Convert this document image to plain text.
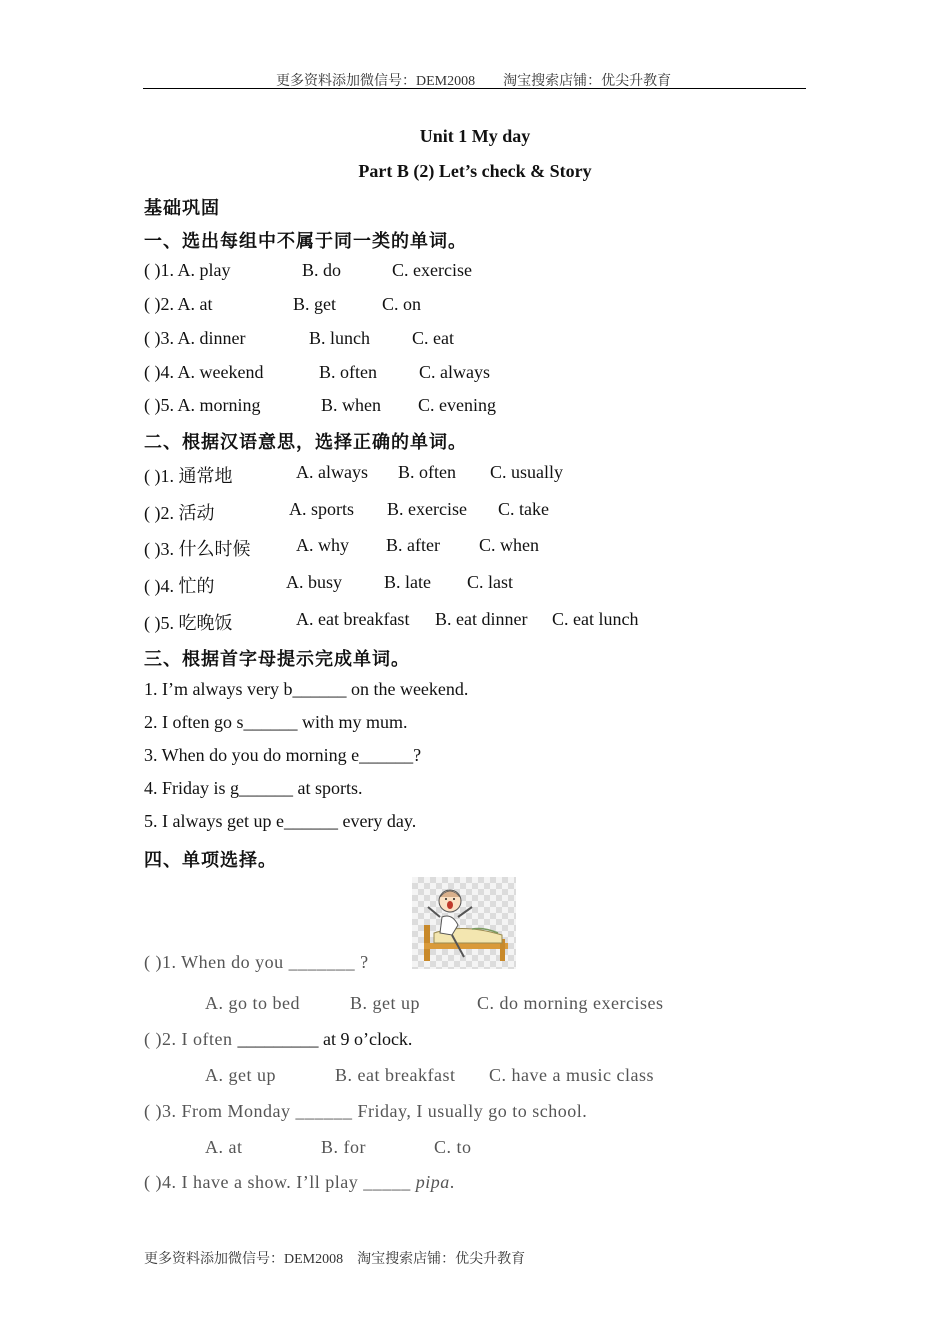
更多资料添加微信号：DEM2008　　淘宝搜索店铺：优尖升教育
Unit 1 My day
Part B (2) Let’s check & Story
基础巩固
一、选出每组中不属于同一类的单词。
( )1. A. play	B. do	C. exercise
( )2. A. at	B. get	C. on
( )3. A. dinner	B. lunch C. eat
( )4. A. weekend	B. often C. always
( )5. A. morning	B. when C. evening
二、根据汉语意思，选择正确的单词。
( )1. 通常地	A. always B. often C. usually
( )2. 活动	A. sports B. exercise C. take
( )3. 什么时候	A. why B. after C. when
( )4. 忙的	A. busy B. late C. last
( )5. 吃晚饭	A. eat breakfast B. eat dinner C. eat lunch
三、根据首字母提示完成单词。
1. I’m always very b______ on the weekend.
2. I often go s______ with my mum.
3. When do you do morning e______?
4. Friday is g______ at sports.
5. I always get up e______ every day.
四、单项选择。
( )1. When do you _______ ?
A. go to bed	B. get up	C. do morning exercises
( )2. I often _________ at 9 o’clock.
A. get up	B. eat breakfast C. have a music class
( )3. From Monday ______ Friday, I usually go to school.
A. at	B. for	C. to
( )4. I have a show. I’ll play _____ pipa.
更多资料添加微信号：DEM2008　淘宝搜索店铺：优尖升教育
